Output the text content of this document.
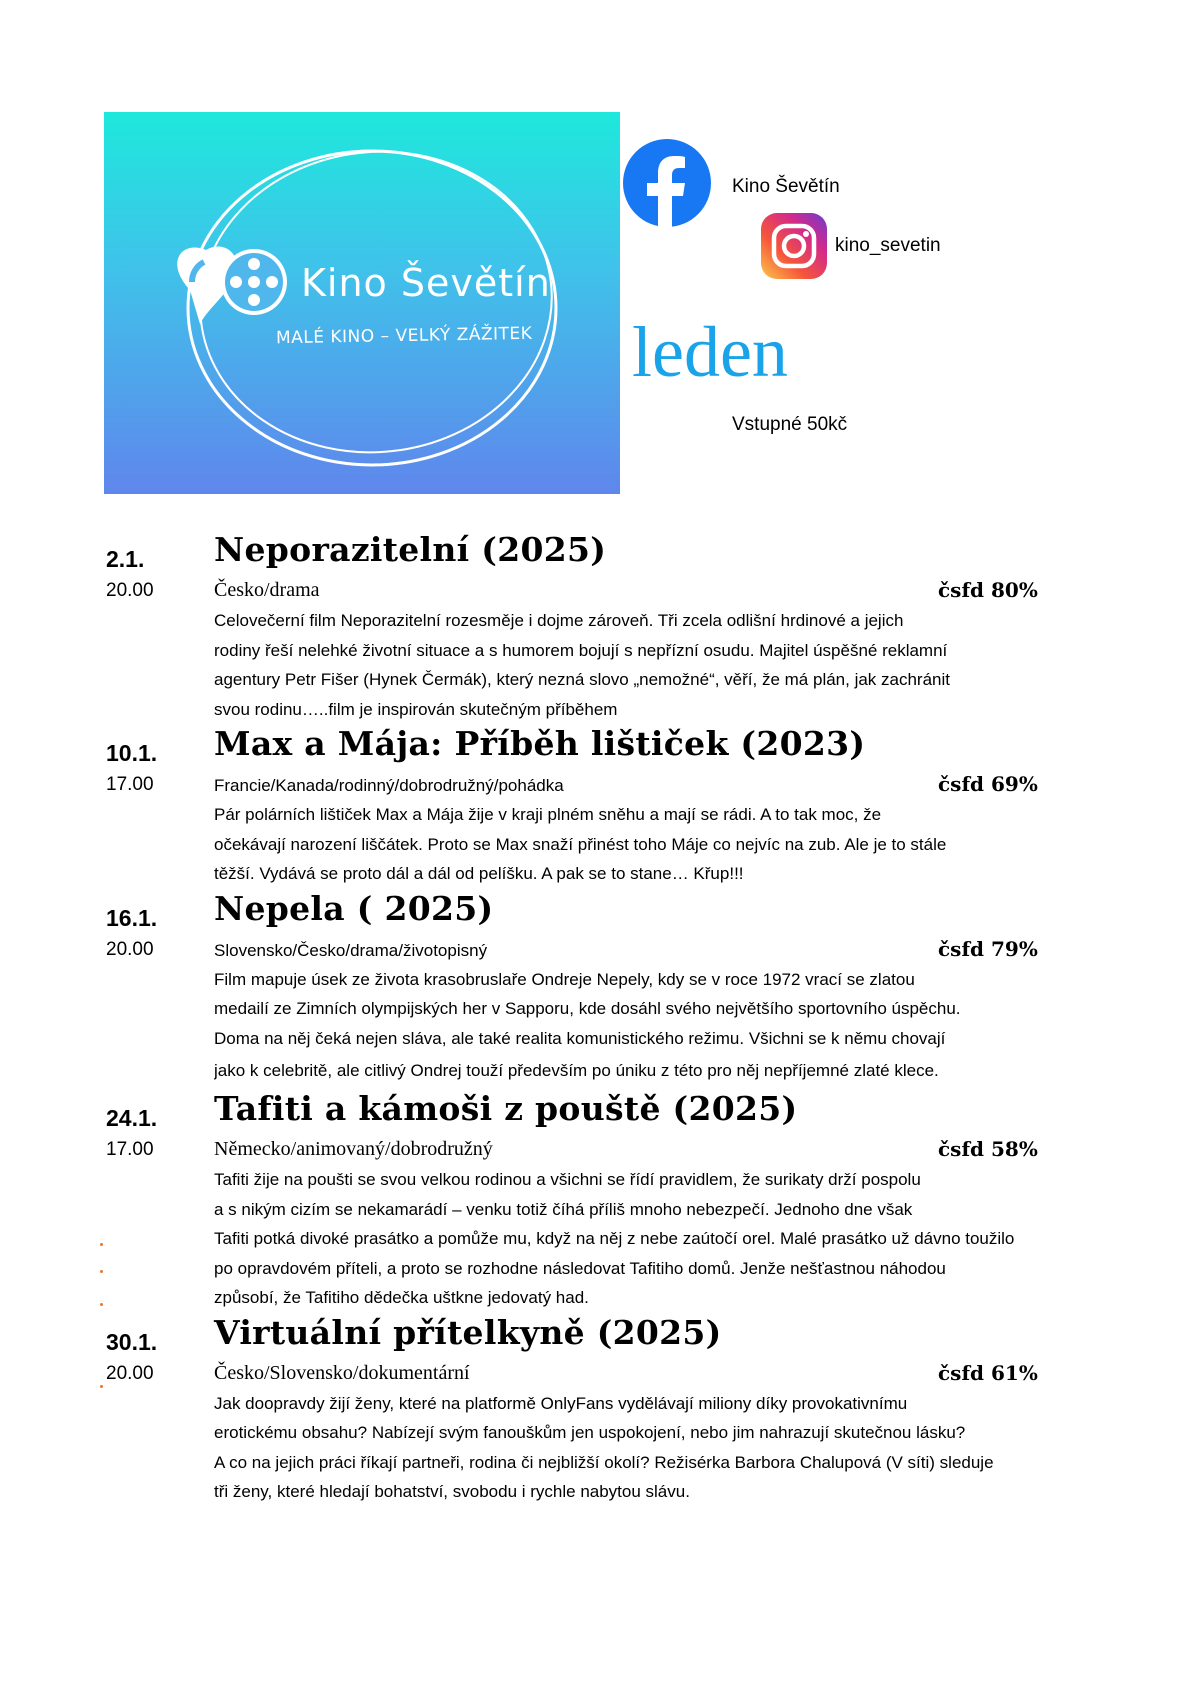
Kino Ševětín
MALÉ KINO – VELKÝ ZÁŽITEK
Kino Ševětín
kino_sevetin
leden
Vstupné 50kč
2.1. Neporazitelní (2025)
20.00	Česko/drama	čsfd 80%
Celovečerní film Neporazitelní rozesměje i dojme zároveň. Tři zcela odlišní hrdinové a jejich
rodiny řeší nelehké životní situace a s humorem bojují s nepřízní osudu. Majitel úspěšné reklamní
agentury Petr Fišer (Hynek Čermák), který nezná slovo „nemožné“, věří, že má plán, jak zachránit
svou rodinu…..film je inspirován skutečným příběhem
10.1. Max a Mája: Příběh lištiček (2023)
17.00	Francie/Kanada/rodinný/dobrodružný/pohádka	čsfd 69%
Pár polárních lištiček Max a Mája žije v kraji plném sněhu a mají se rádi. A to tak moc, že
očekávají narození liščátek. Proto se Max snaží přinést toho Máje co nejvíc na zub. Ale je to stále
těžší. Vydává se proto dál a dál od pelíšku. A pak se to stane… Křup!!!
16.1. Nepela ( 2025)
20.00	Slovensko/Česko/drama/životopisný	čsfd 79%
Film mapuje úsek ze života krasobruslaře Ondreje Nepely, kdy se v roce 1972 vrací se zlatou
medailí ze Zimních olympijských her v Sapporu, kde dosáhl svého největšího sportovního úspěchu.
Doma na něj čeká nejen sláva, ale také realita komunistického režimu. Všichni se k němu chovají
jako k celebritě, ale citlivý Ondrej touží především po úniku z této pro něj nepříjemné zlaté klece.
24.1. Tafiti a kámoši z pouště (2025)
17.00	Německo/animovaný/dobrodružný	čsfd 58%
Tafiti žije na poušti se svou velkou rodinou a všichni se řídí pravidlem, že surikaty drží pospolu
a s nikým cizím se nekamarádí – venku totiž číhá příliš mnoho nebezpečí. Jednoho dne však
Tafiti potká divoké prasátko a pomůže mu, když na něj z nebe zaútočí orel. Malé prasátko už dávno toužilo
po opravdovém příteli, a proto se rozhodne následovat Tafitiho domů. Jenže nešťastnou náhodou
způsobí, že Tafitiho dědečka uštkne jedovatý had.
30.1. Virtuální přítelkyně (2025)
20.00	Česko/Slovensko/dokumentární	čsfd 61%
Jak doopravdy žijí ženy, které na platformě OnlyFans vydělávají miliony díky provokativnímu
erotickému obsahu? Nabízejí svým fanouškům jen uspokojení, nebo jim nahrazují skutečnou lásku?
A co na jejich práci říkají partneři, rodina či nejbližší okolí? Režisérka Barbora Chalupová (V síti) sleduje
tři ženy, které hledají bohatství, svobodu i rychle nabytou slávu.
